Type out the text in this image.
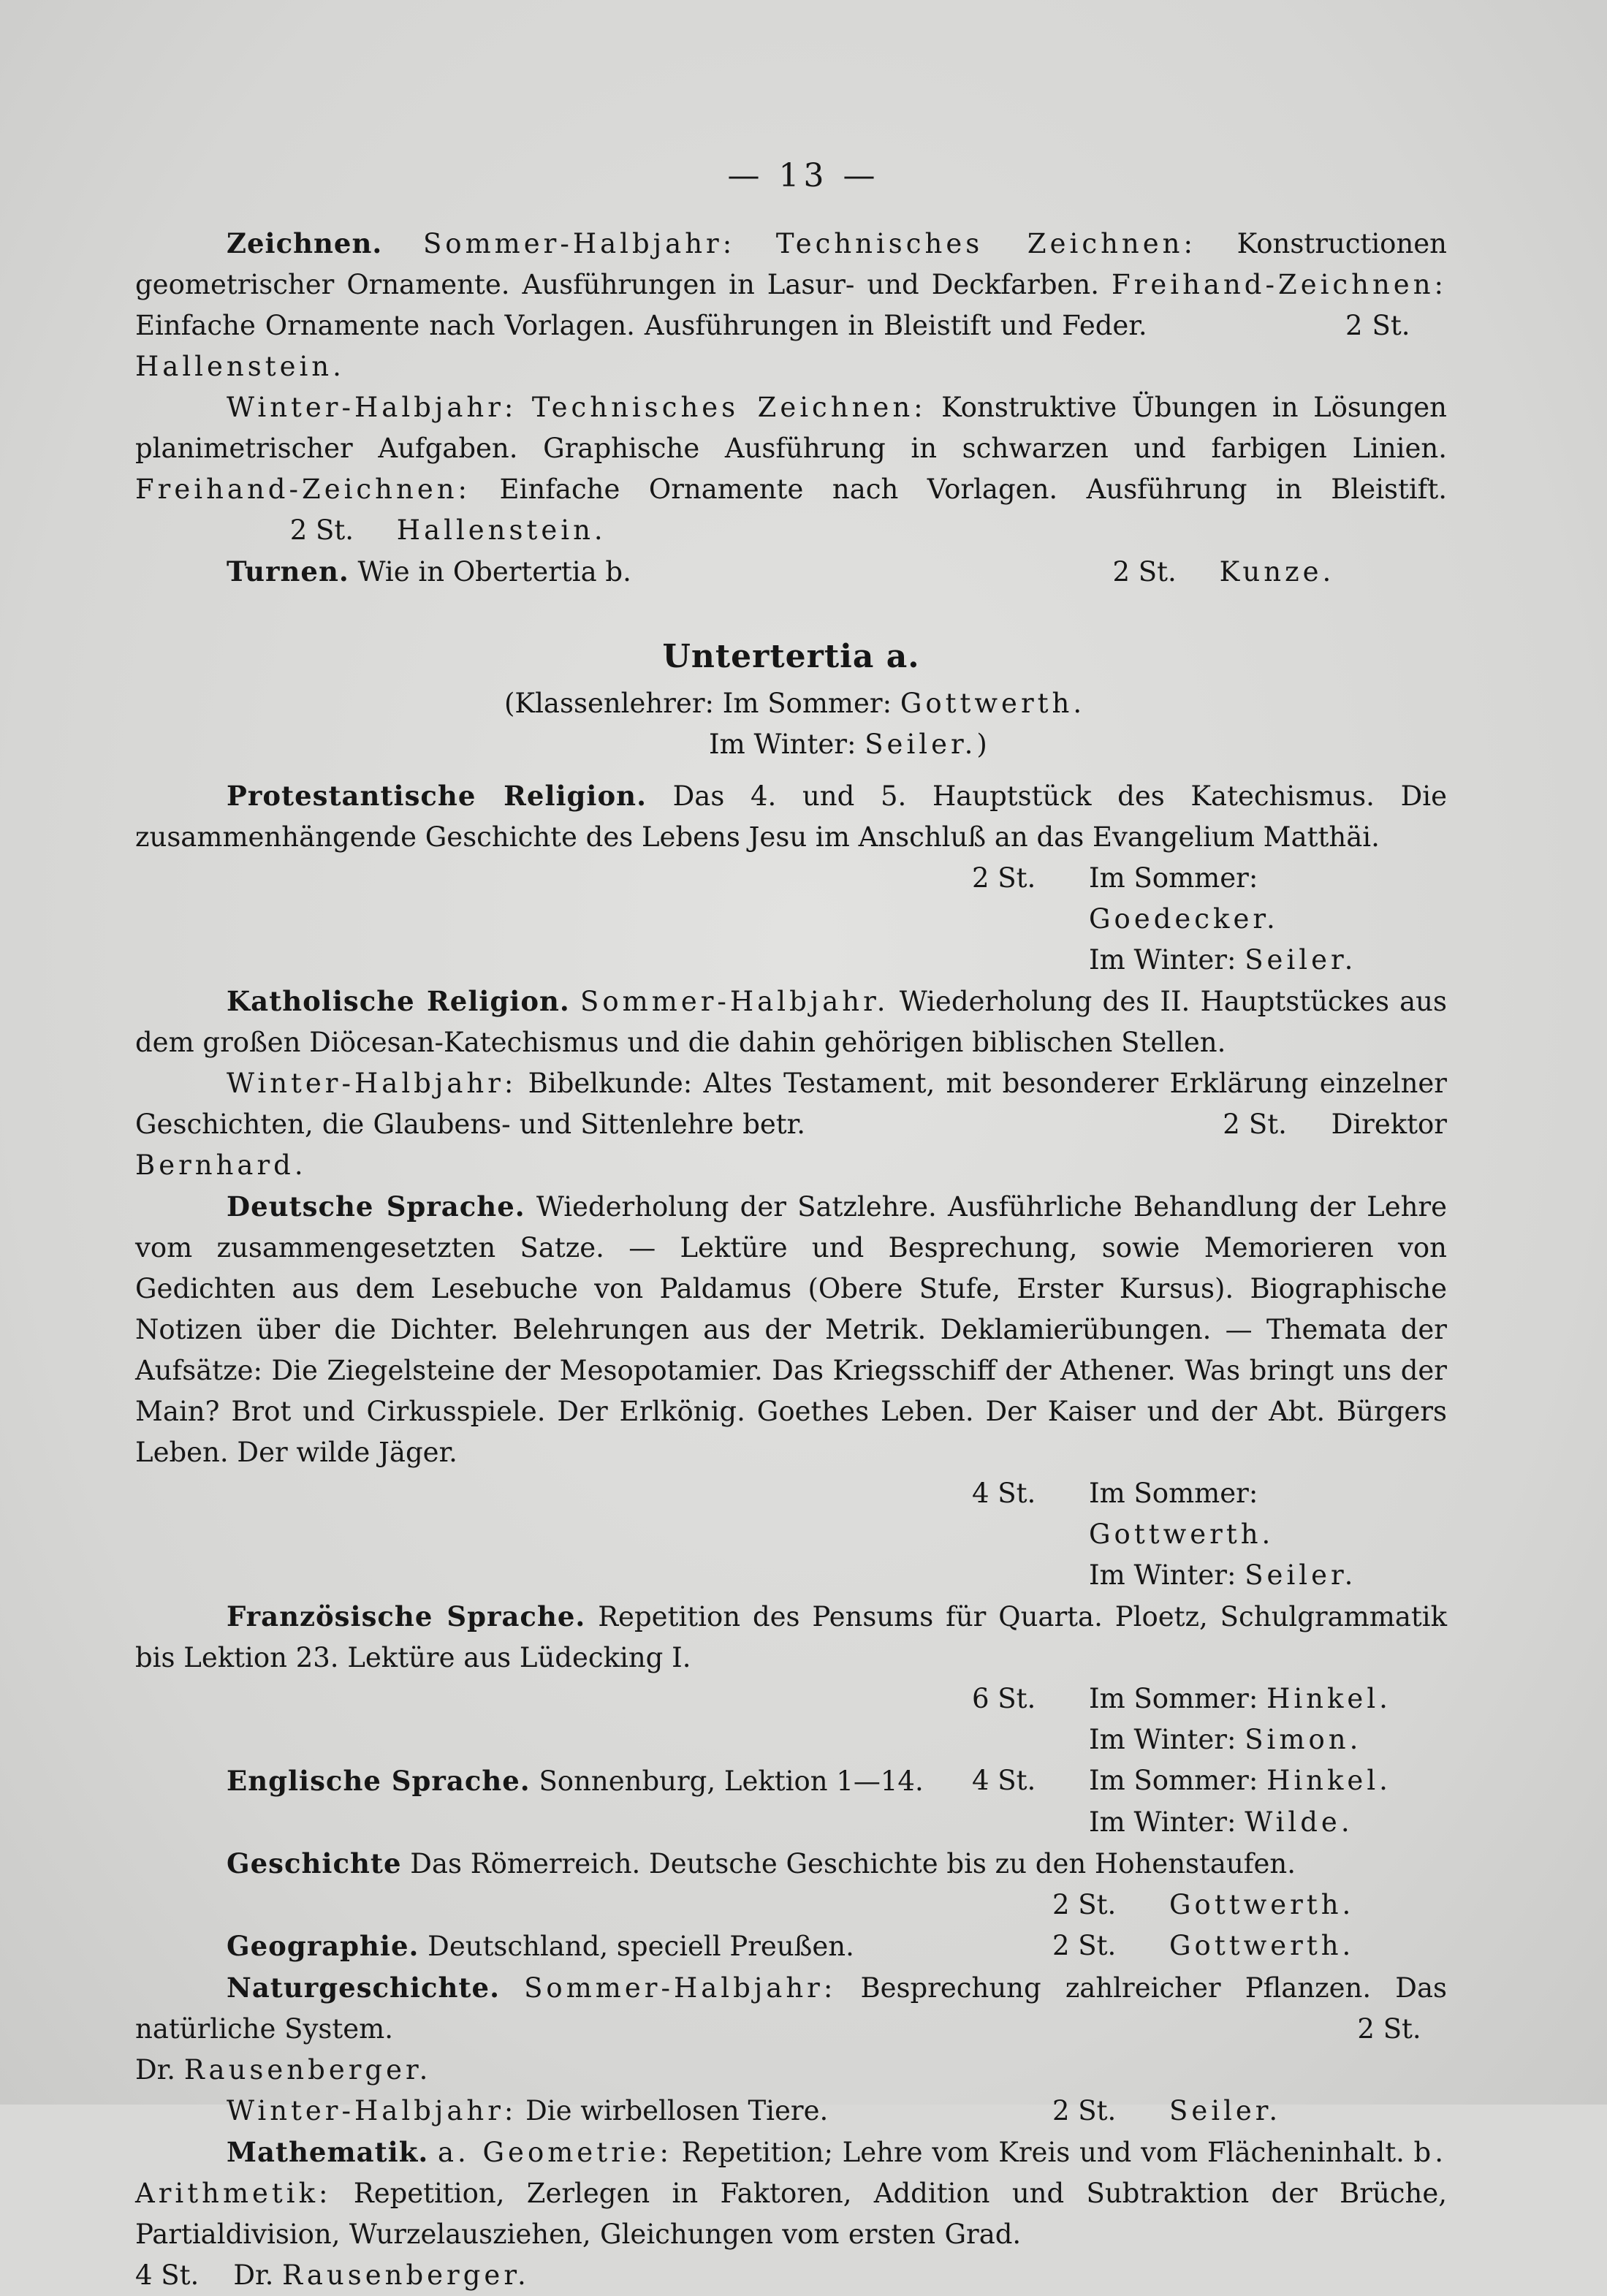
— 13 —

Zeichnen. Sommer-Halbjahr: Technisches Zeichnen: Konstructionen geometrischer Ornamente. Ausführungen in Lasur- und Deckfarben. Freihand-Zeichnen: Einfache Ornamente nach Vorlagen. Ausführungen in Bleistift und Feder.	2 St.     Hallenstein.

Winter-Halbjahr: Technisches Zeichnen: Konstruktive Übungen in Lösungen planimetrischer Aufgaben. Graphische Ausführung in schwarzen und farbigen Linien. Freihand-Zeichnen: Einfache Ornamente nach Vorlagen. Ausführung in Bleistift.                   2 St. Hallenstein.

Turnen. Wie in Obertertia b.	2 St. Kunze.

Untertertia a.

(Klassenlehrer: Im Sommer: Gottwerth.

Im Winter: Seiler.)

Protestantische Religion. Das 4. und 5. Hauptstück des Katechismus. Die zusammenhängende Geschichte des Lebens Jesu im Anschluß an das Evangelium Matthäi.

2 St.	Im Sommer: Goedecker.
Im Winter: Seiler.

Katholische Religion. Sommer-Halbjahr. Wiederholung des II. Hauptstückes aus dem großen Diöcesan-Katechismus und die dahin gehörigen biblischen Stellen.

Winter-Halbjahr: Bibelkunde: Altes Testament, mit besonderer Erklärung einzelner Geschichten, die Glaubens- und Sittenlehre betr.	2 St. Direktor Bernhard.

Deutsche Sprache. Wiederholung der Satzlehre. Ausführliche Behandlung der Lehre vom zusammengesetzten Satze. — Lektüre und Besprechung, sowie Memorieren von Gedichten aus dem Lesebuche von Paldamus (Obere Stufe, Erster Kursus). Biographische Notizen über die Dichter. Belehrungen aus der Metrik. Deklamierübungen. — Themata der Aufsätze: Die Ziegelsteine der Mesopotamier. Das Kriegsschiff der Athener. Was bringt uns der Main? Brot und Cirkusspiele. Der Erlkönig. Goethes Leben. Der Kaiser und der Abt. Bürgers Leben. Der wilde Jäger.

4 St.	Im Sommer: Gottwerth.
Im Winter: Seiler.

Französische Sprache. Repetition des Pensums für Quarta. Ploetz, Schulgrammatik bis Lektion 23. Lektüre aus Lüdecking I.

6 St.	Im Sommer: Hinkel.
Im Winter: Simon.
Englische Sprache. Sonnenburg, Lektion 1—14.	4 St.	Im Sommer: Hinkel.
Im Winter: Wilde.

Geschichte Das Römerreich. Deutsche Geschichte bis zu den Hohenstaufen.

2 St.	Gottwerth.
Geographie. Deutschland, speciell Preußen.	2 St.	Gottwerth.

Naturgeschichte. Sommer-Halbjahr: Besprechung zahlreicher Pflanzen. Das natürliche System.	2 St.    Dr. Rausenberger.

Winter-Halbjahr: Die wirbellosen Tiere.	2 St.	Seiler.

Mathematik. a. Geometrie: Repetition; Lehre vom Kreis und vom Flächeninhalt. b. Arithmetik: Repetition, Zerlegen in Faktoren, Addition und Subtraktion der Brüche, Partialdivision, Wurzelausziehen, Gleichungen vom ersten Grad.                                                4 St. Dr. Rausenberger.
